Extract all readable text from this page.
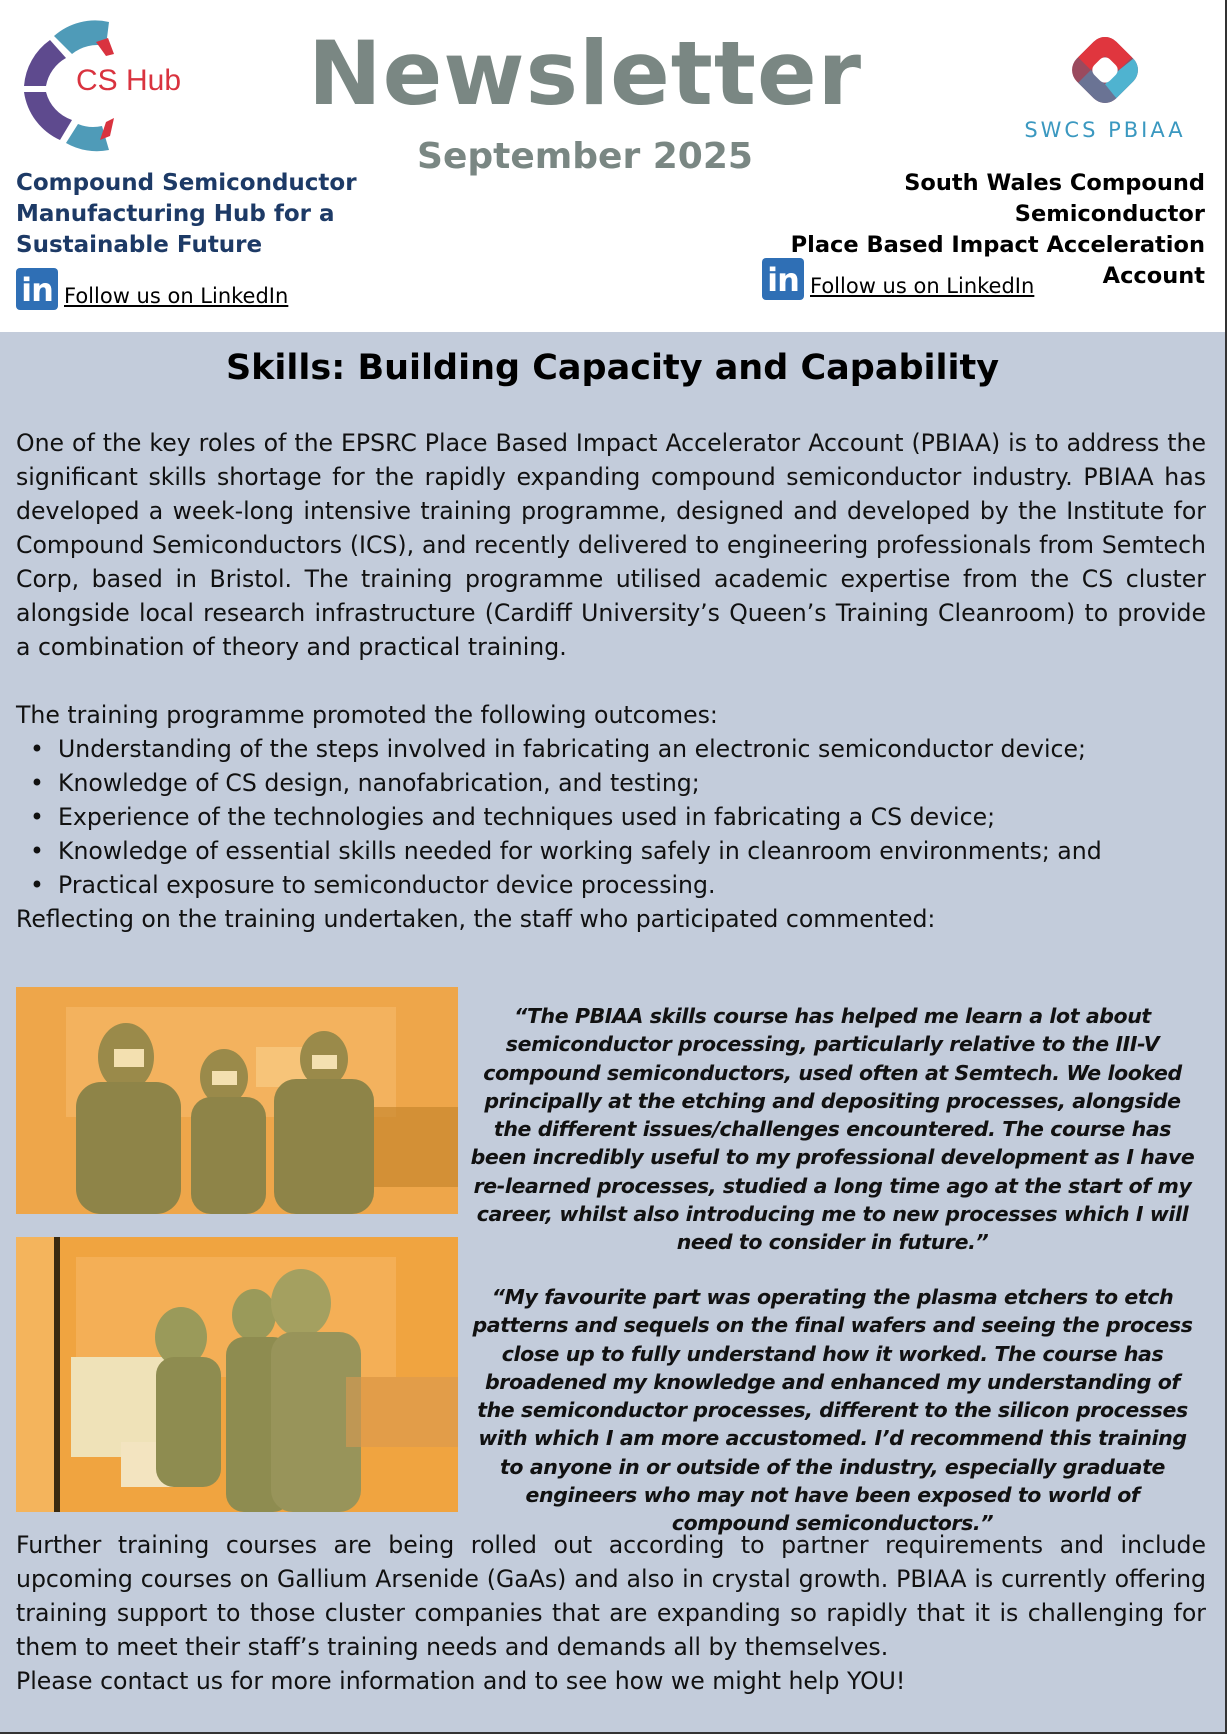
CS Hub Newsletter
September 2025
Compound Semiconductor Manufacturing Hub for a Sustainable Future
in Follow us on LinkedIn
SWCS PBIAA
South Wales Compound Semiconductor
Place Based Impact Acceleration
Account
in Follow us on LinkedIn
Skills: Building Capacity and Capability

One of the key roles of the EPSRC Place Based Impact Accelerator Account (PBIAA) is to address the significant skills shortage for the rapidly expanding compound semiconductor industry. PBIAA has developed a week-long intensive training programme, designed and developed by the Institute for Compound Semiconductors (ICS), and recently delivered to engineering professionals from Semtech Corp, based in Bristol. The training programme utilised academic expertise from the CS cluster alongside local research infrastructure (Cardiff University’s Queen’s Training Cleanroom) to provide a combination of theory and practical training.

The training programme promoted the following outcomes:

• Understanding of the steps involved in fabricating an electronic semiconductor device;
• Knowledge of CS design, nanofabrication, and testing;
• Experience of the technologies and techniques used in fabricating a CS device;
• Knowledge of essential skills needed for working safely in cleanroom environments; and
• Practical exposure to semiconductor device processing.

Reflecting on the training undertaken, the staff who participated commented:

“The PBIAA skills course has helped me learn a lot about semiconductor processing, particularly relative to the III-V compound semiconductors, used often at Semtech. We looked principally at the etching and depositing processes, alongside the different issues/challenges encountered. The course has been incredibly useful to my professional development as I have re-learned processes, studied a long time ago at the start of my career, whilst also introducing me to new processes which I will need to consider in future.”
“My favourite part was operating the plasma etchers to etch patterns and sequels on the final wafers and seeing the process close up to fully understand how it worked. The course has broadened my knowledge and enhanced my understanding of the semiconductor processes, different to the silicon processes with which I am more accustomed. I’d recommend this training to anyone in or outside of the industry, especially graduate engineers who may not have been exposed to world of compound semiconductors.”

Further training courses are being rolled out according to partner requirements and include upcoming courses on Gallium Arsenide (GaAs) and also in crystal growth. PBIAA is currently offering training support to those cluster companies that are expanding so rapidly that it is challenging for them to meet their staff’s training needs and demands all by themselves.

Please contact us for more information and to see how we might help YOU!
